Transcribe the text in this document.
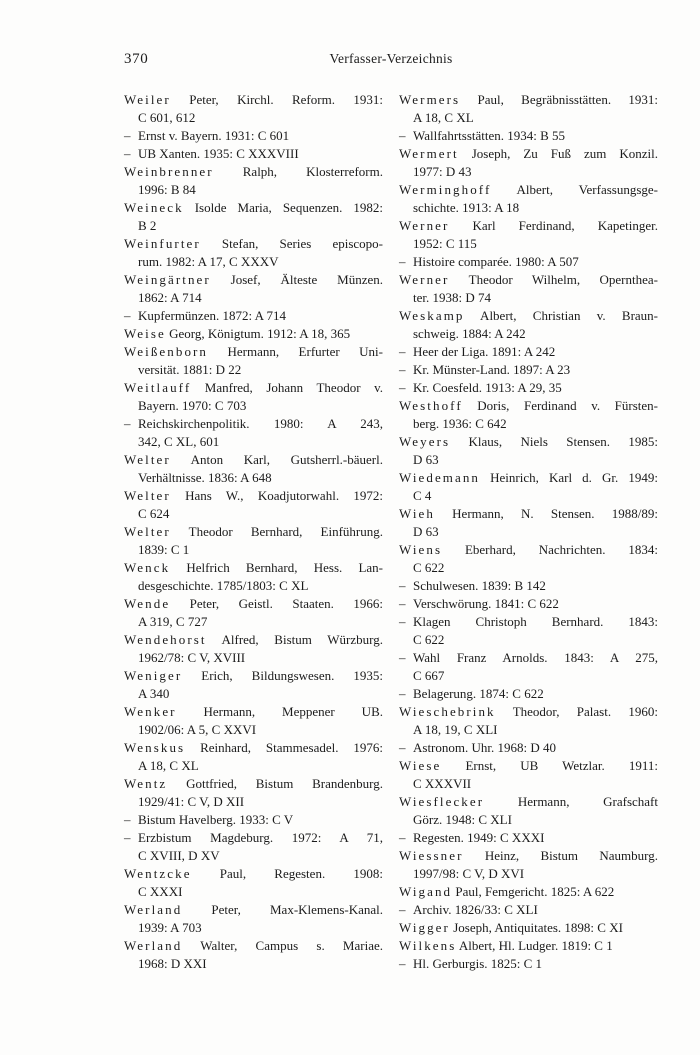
370	Verfasser-Verzeichnis
Weiler Peter, Kirchl. Reform. 1931:
C 601, 612
– Ernst v. Bayern. 1931: C 601
– UB Xanten. 1935: C XXXVIII
Weinbrenner Ralph, Klosterreform.
1996: B 84
Weineck Isolde Maria, Sequenzen. 1982:
B 2
Weinfurter Stefan, Series episcopo-
rum. 1982: A 17, C XXXV
Weingärtner Josef, Älteste Münzen.
1862: A 714
– Kupfermünzen. 1872: A 714
Weise Georg, Königtum. 1912: A 18, 365
Weißenborn Hermann, Erfurter Uni-
versität. 1881: D 22
Weitlauff Manfred, Johann Theodor v.
Bayern. 1970: C 703
– Reichskirchenpolitik. 1980: A 243,
342, C XL, 601
Welter Anton Karl, Gutsherrl.-bäuerl.
Verhältnisse. 1836: A 648
Welter Hans W., Koadjutorwahl. 1972:
C 624
Welter Theodor Bernhard, Einführung.
1839: C 1
Wenck Helfrich Bernhard, Hess. Lan-
desgeschichte. 1785/1803: C XL
Wende Peter, Geistl. Staaten. 1966:
A 319, C 727
Wendehorst Alfred, Bistum Würzburg.
1962/78: C V, XVIII
Weniger Erich, Bildungswesen. 1935:
A 340
Wenker Hermann, Meppener UB.
1902/06: A 5, C XXVI
Wenskus Reinhard, Stammesadel. 1976:
A 18, C XL
Wentz Gottfried, Bistum Brandenburg.
1929/41: C V, D XII
– Bistum Havelberg. 1933: C V
– Erzbistum Magdeburg. 1972: A 71,
C XVIII, D XV
Wentzcke Paul, Regesten. 1908:
C XXXI
Werland Peter, Max-Klemens-Kanal.
1939: A 703
Werland Walter, Campus s. Mariae.
1968: D XXI
Wermers Paul, Begräbnisstätten. 1931:
A 18, C XL
– Wallfahrtsstätten. 1934: B 55
Wermert Joseph, Zu Fuß zum Konzil.
1977: D 43
Werminghoff Albert, Verfassungsge-
schichte. 1913: A 18
Werner Karl Ferdinand, Kapetinger.
1952: C 115
– Histoire comparée. 1980: A 507
Werner Theodor Wilhelm, Opernthea-
ter. 1938: D 74
Weskamp Albert, Christian v. Braun-
schweig. 1884: A 242
– Heer der Liga. 1891: A 242
– Kr. Münster-Land. 1897: A 23
– Kr. Coesfeld. 1913: A 29, 35
Westhoff Doris, Ferdinand v. Fürsten-
berg. 1936: C 642
Weyers Klaus, Niels Stensen. 1985:
D 63
Wiedemann Heinrich, Karl d. Gr. 1949:
C 4
Wieh Hermann, N. Stensen. 1988/89:
D 63
Wiens Eberhard, Nachrichten. 1834:
C 622
– Schulwesen. 1839: B 142
– Verschwörung. 1841: C 622
– Klagen Christoph Bernhard. 1843:
C 622
– Wahl Franz Arnolds. 1843: A 275,
C 667
– Belagerung. 1874: C 622
Wieschebrink Theodor, Palast. 1960:
A 18, 19, C XLI
– Astronom. Uhr. 1968: D 40
Wiese Ernst, UB Wetzlar. 1911:
C XXXVII
Wiesflecker Hermann, Grafschaft
Görz. 1948: C XLI
– Regesten. 1949: C XXXI
Wiessner Heinz, Bistum Naumburg.
1997/98: C V, D XVI
Wigand Paul, Femgericht. 1825: A 622
– Archiv. 1826/33: C XLI
Wigger Joseph, Antiquitates. 1898: C XI
Wilkens Albert, Hl. Ludger. 1819: C 1
– Hl. Gerburgis. 1825: C 1
